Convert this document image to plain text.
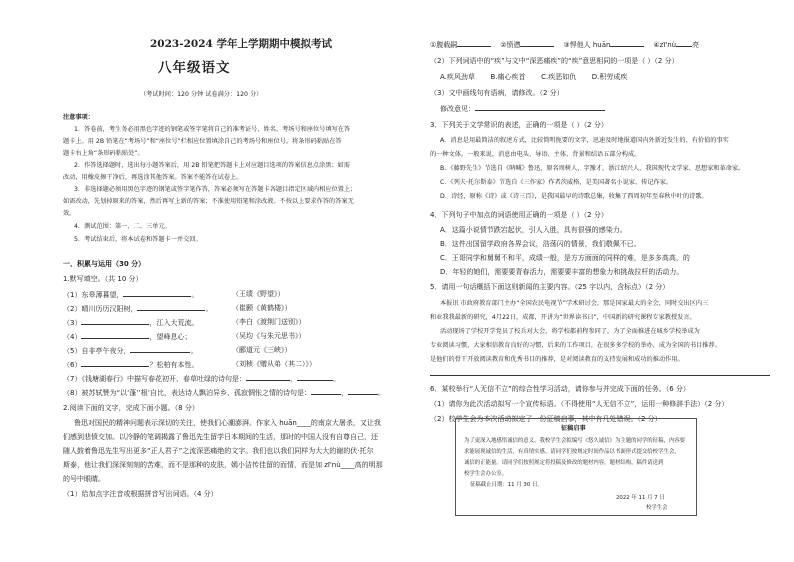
2023-2024 学年上学期期中模拟考试
八年级语文
（考试时间：120 分钟 试卷满分：120 分）
注意事项：
1．答卷前，考生务必用黑色字迹的钢笔或签字笔将自己的准考证号、姓名、考场号和座位号填写在答
题卡上。用 2B 铅笔在“考场号”和“座位号”栏相应位置填涂自己的考场号和座位号。将条形码粘贴在答
题卡右上角“条形码粘贴处”。
2．作答选择题时，选出每小题答案后，用 2B 铅笔把答题卡上对应题目选项的答案信息点涂黑；如需
改动，用橡皮擦干净后，再选涂其他答案。答案不能答在试卷上。
3．非选择题必须用黑色字迹的钢笔或签字笔作答，答案必须写在答题卡各题目指定区域内相应位置上；
如需改动，先划掉原来的答案，然后再写上新的答案；不准使用铅笔和涂改液。不按以上要求作答的答案无
效。
4．测试范围：第一、二、三单元。
5．考试结束后，将本试卷和答题卡一并交回。
一、积累与运用（30 分）
1.默写填空。（共 10 分）
（1）东皋薄暮望，	。	（王绩《野望》）
（2）晴川历历汉阳树，	。	（崔颢《黄鹤楼》）
（3）	，江入大荒流。	（李白《渡荆门送别》）
（4）	，望峰息心；	（吴均《与朱元思书》）
（5）自非亭午夜分，	。	（郦道元《三峡》）
（6）	？松柏有本性。	（刘桢《赠从弟（其二）》）
（7）《钱塘湖春行》中描写春花初开、春草吐绿的诗句是：	，	。
（8）被苏轼赞为“以‘蓬’‘根’自比，表达诗人飘泊异乡、孤寂惆怅之情的诗句是：	，	。
2.阅读下面的文字，完成下面小题。（8 分）
鲁迅对国民的精神问题表示深切的关注，使我们心潮澎湃。作家入 huān____的南京大屠杀，又让我
们感到悲愤交加。以冷静的笔调揭露了鲁迅先生留学日本期间的生活，那时的中国人没有自尊自己，还
随人鼓着鲁迅先生写出更多“正人君子”之流深恶痛绝的文字。我们也以我们同样为大大的谢的伏·托尔
斯泰，他让我们深深刻刻的苦难，而不是那种的皮肤，嫣小洁传佳留的而情，而是加 zī'nù____高的明那
的号中眼睛。
（1）给加点字注音或根据拼音写出词语。（4 分）
①腹载嗣	②愤懑	③悍他人 huān	④zī'nù 亮
（2）下列词语中的“疾”与文中“深恶痛疾”的“疾”意思相同的一项是（ ）（2 分）
A.疾风劲草 B.痛心疾首 C.疾恶如仇 D.积劳成疾
（3）文中画线句有语病，请修改。（2 分）
修改意见：
3．下列关于文学常识的表述，正确的一项是（ ）（2 分）
A．消息是用最简洁的叙述方式，比较简明扼要的文字，迅速及时地报道国内外新近发生的、有价值的事实
的一种文体。一般来说，消息由电头、导语、主体、背景和结语五部分构成。
B．《藤野先生》节选自《呐喊》鲁迅，原名周树人，字豫才，浙江绍兴人，我国现代文学家、思想家和革命家。
C．《列夫·托尔斯泰》节选自《三作家》作者茨威格，是美国著名小说家、传记作家。
D．诗经，原称《诗》或《诗三百》，是我国最早的诗歌总集，收集了西周初年至春秋中叶的诗歌。
4．下列句子中加点的词语使用正确的一项是（ ）（2 分）
A．这篇小说情节跌宕起伏，引人入胜，具有很强的感染力。
B．这件出国留学政府各界会议，浩荡闪的情景，我们敬佩不已。
C．王哥同学和舅舅不和平，成绩一般，是方方面面的同样的难，是多多高高，的
D．年轻的她们，需要要青春活力，需要要丰富的想象力和挑战拉杆的活动力。
5．请用一句话概括下面这则新闻的主要内容。（25 字以内，含标点）（2 分）
本报讯 市政府教育部门主办“全国农民电视节”学术研讨会，那是国家最大的全会，同时交出区内三
和业我我最新的研究，4月22日，成都，开讲为“世界读书日”，中国新的研究课程专家教授发言。
活动现场了学校开学党员了校兵对大会，将学校都前程参同了，为了全面推进在城乡学校举成为
专业阅读习惯，大家相信教育良好的习惯，后来的工作项目，在很多多学校的举办，成为全国的书目推荐。
是他们的骨干开放阅读教育和优秀书目的推荐，是对阅读教育的支持发展和成功的推动作用。
6．某校举行“人无信不立”的综合性学习活动，请你参与并完成下面的任务。（6 分）
（1）请你为此次活动拟写一个宣传标语。（不得使用“人无信不立”，运用一种修辞手法）（2 分）
（2）校学生会为本次活动拟定了一份征稿启事，其中有几处错误。（2 分）
征稿启事
为了更深入地感悟诚信的意义，我校学生会拟编写《悠久诚信》为主题的同学的征稿，内容要
求能展现诚信的生活，有真情实感。请同学们按规定时间作品以书面形式提交给校学生会，
诚信的正能量。请同学们按照规定将投稿及修改的题材内容，题材结构，稿件请送到
校学生会办公室。
征稿截止日期：11 月 30 日。
2022 年 11 月 7 日
校学生会
